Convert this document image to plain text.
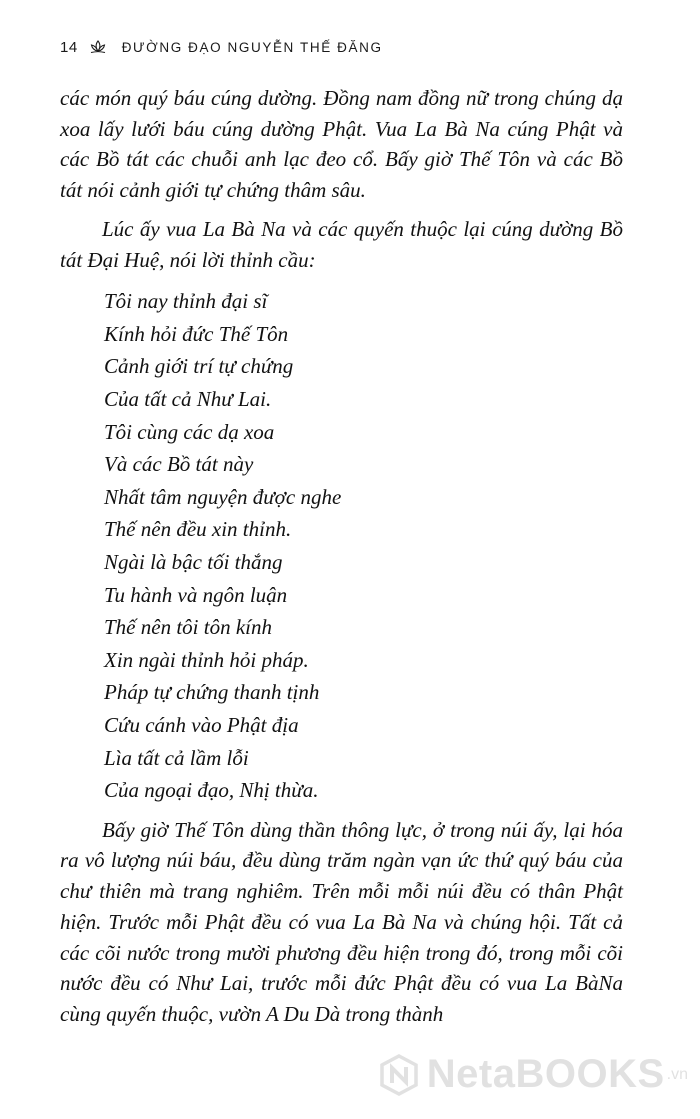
14	ĐƯỜNG ĐẠO NGUYỄN THẾ ĐĂNG

các món quý báu cúng dường. Đồng nam đồng nữ trong chúng dạ xoa lấy lưới báu cúng dường Phật. Vua La Bà Na cúng Phật và các Bồ tát các chuỗi anh lạc đeo cổ. Bấy giờ Thế Tôn và các Bồ tát nói cảnh giới tự chứng thâm sâu.

Lúc ấy vua La Bà Na và các quyến thuộc lại cúng dường Bồ tát Đại Huệ, nói lời thỉnh cầu:

Tôi nay thỉnh đại sĩ
Kính hỏi đức Thế Tôn
Cảnh giới trí tự chứng
Của tất cả Như Lai.
Tôi cùng các dạ xoa
Và các Bồ tát này
Nhất tâm nguyện được nghe
Thế nên đều xin thỉnh.
Ngài là bậc tối thắng
Tu hành và ngôn luận
Thế nên tôi tôn kính
Xin ngài thỉnh hỏi pháp.
Pháp tự chứng thanh tịnh
Cứu cánh vào Phật địa
Lìa tất cả lầm lỗi
Của ngoại đạo, Nhị thừa.

Bấy giờ Thế Tôn dùng thần thông lực, ở trong núi ấy, lại hóa ra vô lượng núi báu, đều dùng trăm ngàn vạn ức thứ quý báu của chư thiên mà trang nghiêm. Trên mỗi mỗi núi đều có thân Phật hiện. Trước mỗi Phật đều có vua La Bà Na và chúng hội. Tất cả các cõi nước trong mười phương đều hiện trong đó, trong mỗi cõi nước đều có Như Lai, trước mỗi đức Phật đều có vua La BàNa cùng quyến thuộc, vườn A Du Dà trong thành

NetaBOOKS .vn
